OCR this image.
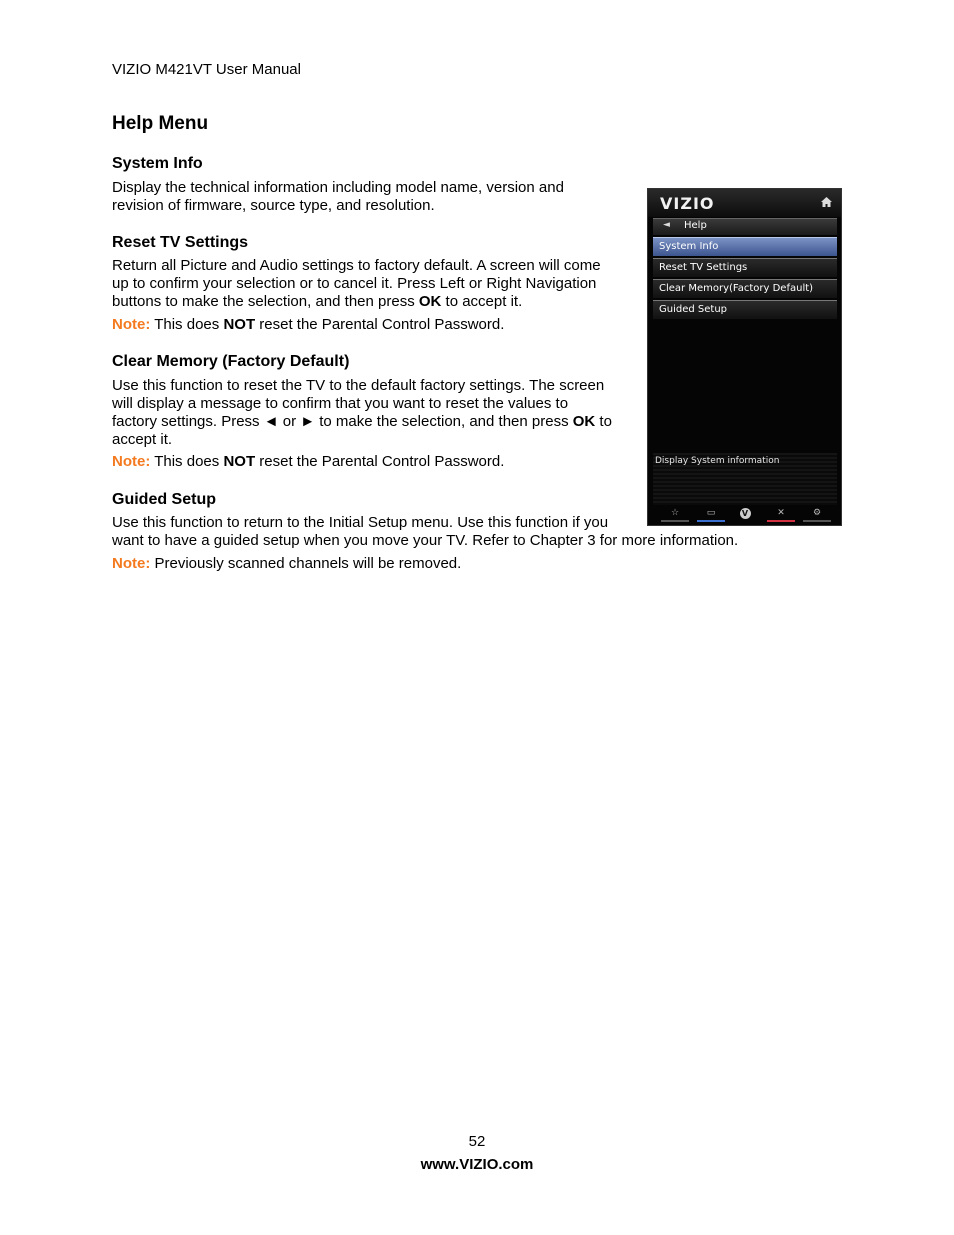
VIZIO M421VT User Manual
Help Menu
System Info
Display the technical information including model name, version and
revision of firmware, source type, and resolution.
Reset TV Settings
Return all Picture and Audio settings to factory default. A screen will come
up to confirm your selection or to cancel it. Press Left or Right Navigation
buttons to make the selection, and then press OK to accept it.
Note: This does NOT reset the Parental Control Password.
Clear Memory (Factory Default)
Use this function to reset the TV to the default factory settings. The screen
will display a message to confirm that you want to reset the values to
factory settings. Press ◄ or ► to make the selection, and then press OK to
accept it.
Note: This does NOT reset the Parental Control Password.
Guided Setup
Use this function to return to the Initial Setup menu. Use this function if you
want to have a guided setup when you move your TV. Refer to Chapter 3 for more information.
Note: Previously scanned channels will be removed.
VIZIO
◄ Help
System Info
Reset TV Settings
Clear Memory(Factory Default)
Guided Setup
Display System information
☆	▭	V	✕	⚙
52
www.VIZIO.com
